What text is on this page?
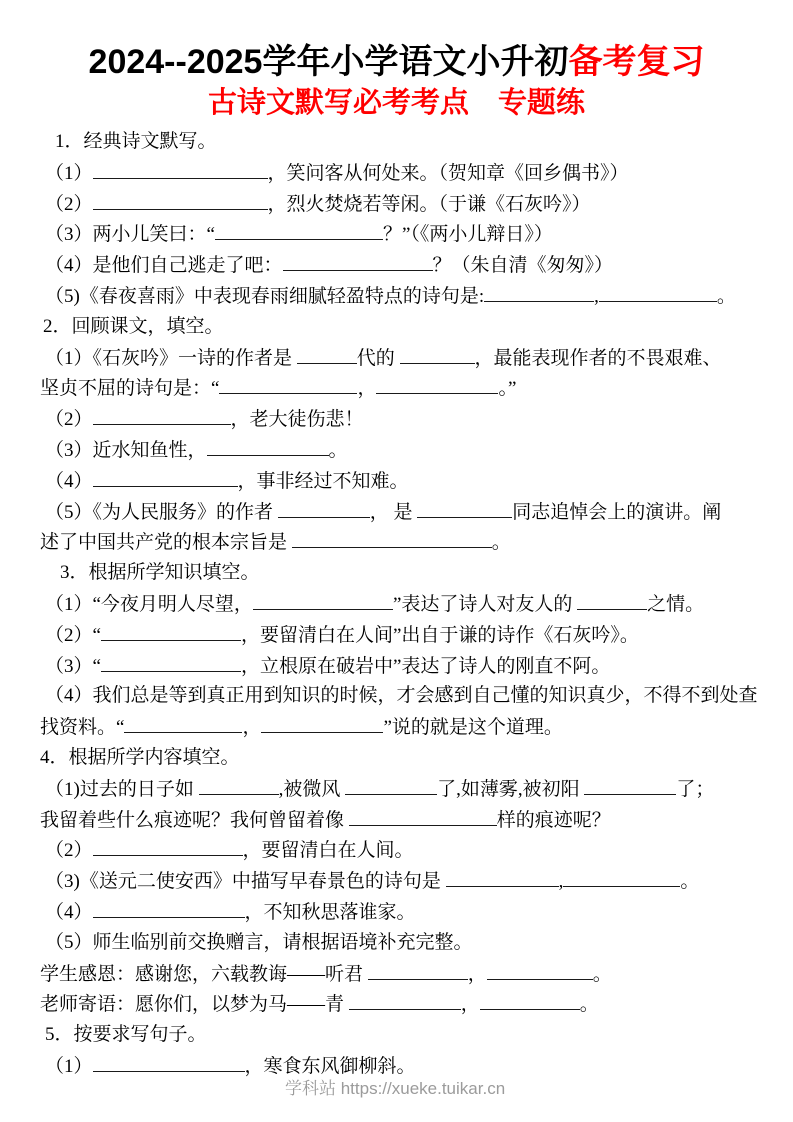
2024--2025学年小学语文小升初备考复习
古诗文默写必考考点　专题练
1．经典诗文默写。
（1）	，笑问客从何处来。（贺知章《回乡偶书》）
（2）	，烈火焚烧若等闲。（于谦《石灰吟》）
（3）两小儿笑曰：“	？”（《两小儿辩日》）
（4）是他们自己逃走了吧：	？（朱自清《匆匆》）
（5)《春夜喜雨》中表现春雨细腻轻盈特点的诗句是:	,	。
2．回顾课文，填空。
（1）《石灰吟》一诗的作者是	代的	，最能表现作者的不畏艰难、
坚贞不屈的诗句是：“	，	。”
（2）	，老大徒伤悲！
（3）近水知鱼性，	。
（4）	，事非经过不知难。
（5）《为人民服务》的作者	， 是	同志追悼会上的演讲。阐
述了中国共产党的根本宗旨是	。
3．根据所学知识填空。
（1）“今夜月明人尽望，	”表达了诗人对友人的	之情。
（2）“	，要留清白在人间”出自于谦的诗作《石灰吟》。
（3）“	，立根原在破岩中”表达了诗人的刚直不阿。
（4）我们总是等到真正用到知识的时候，才会感到自己懂的知识真少，不得不到处查
找资料。“	，	”说的就是这个道理。
4．根据所学内容填空。
（1)过去的日子如	,被微风	了,如薄雾,被初阳	了；
我留着些什么痕迹呢？我何曾留着像	样的痕迹呢？
（2）	，要留清白在人间。
（3)《送元二使安西》中描写早春景色的诗句是	,	。
（4）	，不知秋思落谁家。
（5）师生临别前交换赠言，请根据语境补充完整。
学生感恩：感谢您，六载教诲——听君	，	。
老师寄语：愿你们，以梦为马——青	，	。
5．按要求写句子。
（1）	，寒食东风御柳斜。
学科站 https://xueke.tuikar.cn
